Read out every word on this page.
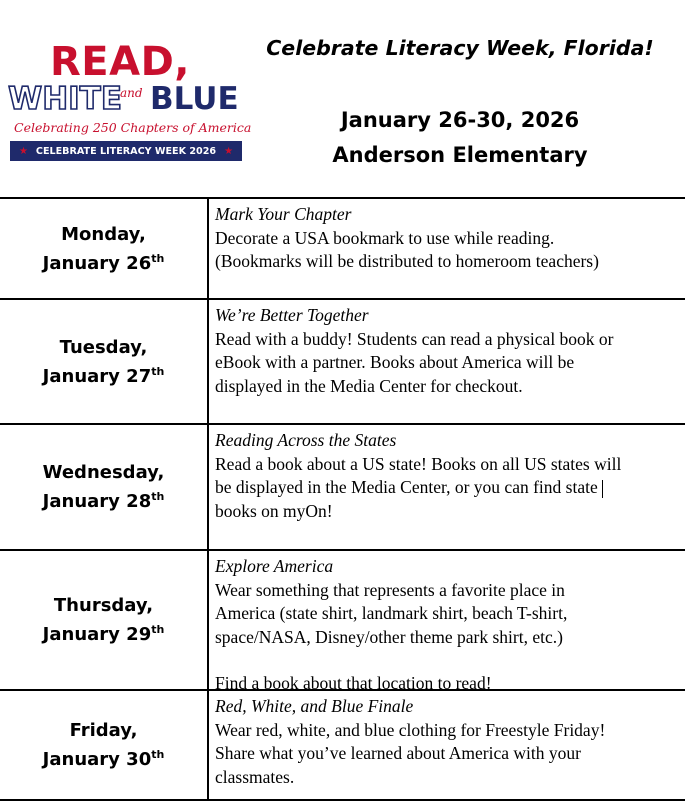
READ,
WHITE
and BLUE
Celebrating 250 Chapters of America
★ CELEBRATE LITERACY WEEK 2026 ★
Celebrate Literacy Week, Florida!
January 26-30, 2026
Anderson Elementary
Monday,
January 26th
Mark Your Chapter
Decorate a USA bookmark to use while reading.
(Bookmarks will be distributed to homeroom teachers)
Tuesday,
January 27th
We’re Better Together
Read with a buddy! Students can read a physical book or
eBook with a partner. Books about America will be
displayed in the Media Center for checkout.
Wednesday,
January 28th
Reading Across the States
Read a book about a US state! Books on all US states will
be displayed in the Media Center, or you can find state
books on myOn!
Thursday,
January 29th
Explore America
Wear something that represents a favorite place in
America (state shirt, landmark shirt, beach T-shirt,
space/NASA, Disney/other theme park shirt, etc.)
Find a book about that location to read!
Friday,
January 30th
Red, White, and Blue Finale
Wear red, white, and blue clothing for Freestyle Friday!
Share what you’ve learned about America with your
classmates.
